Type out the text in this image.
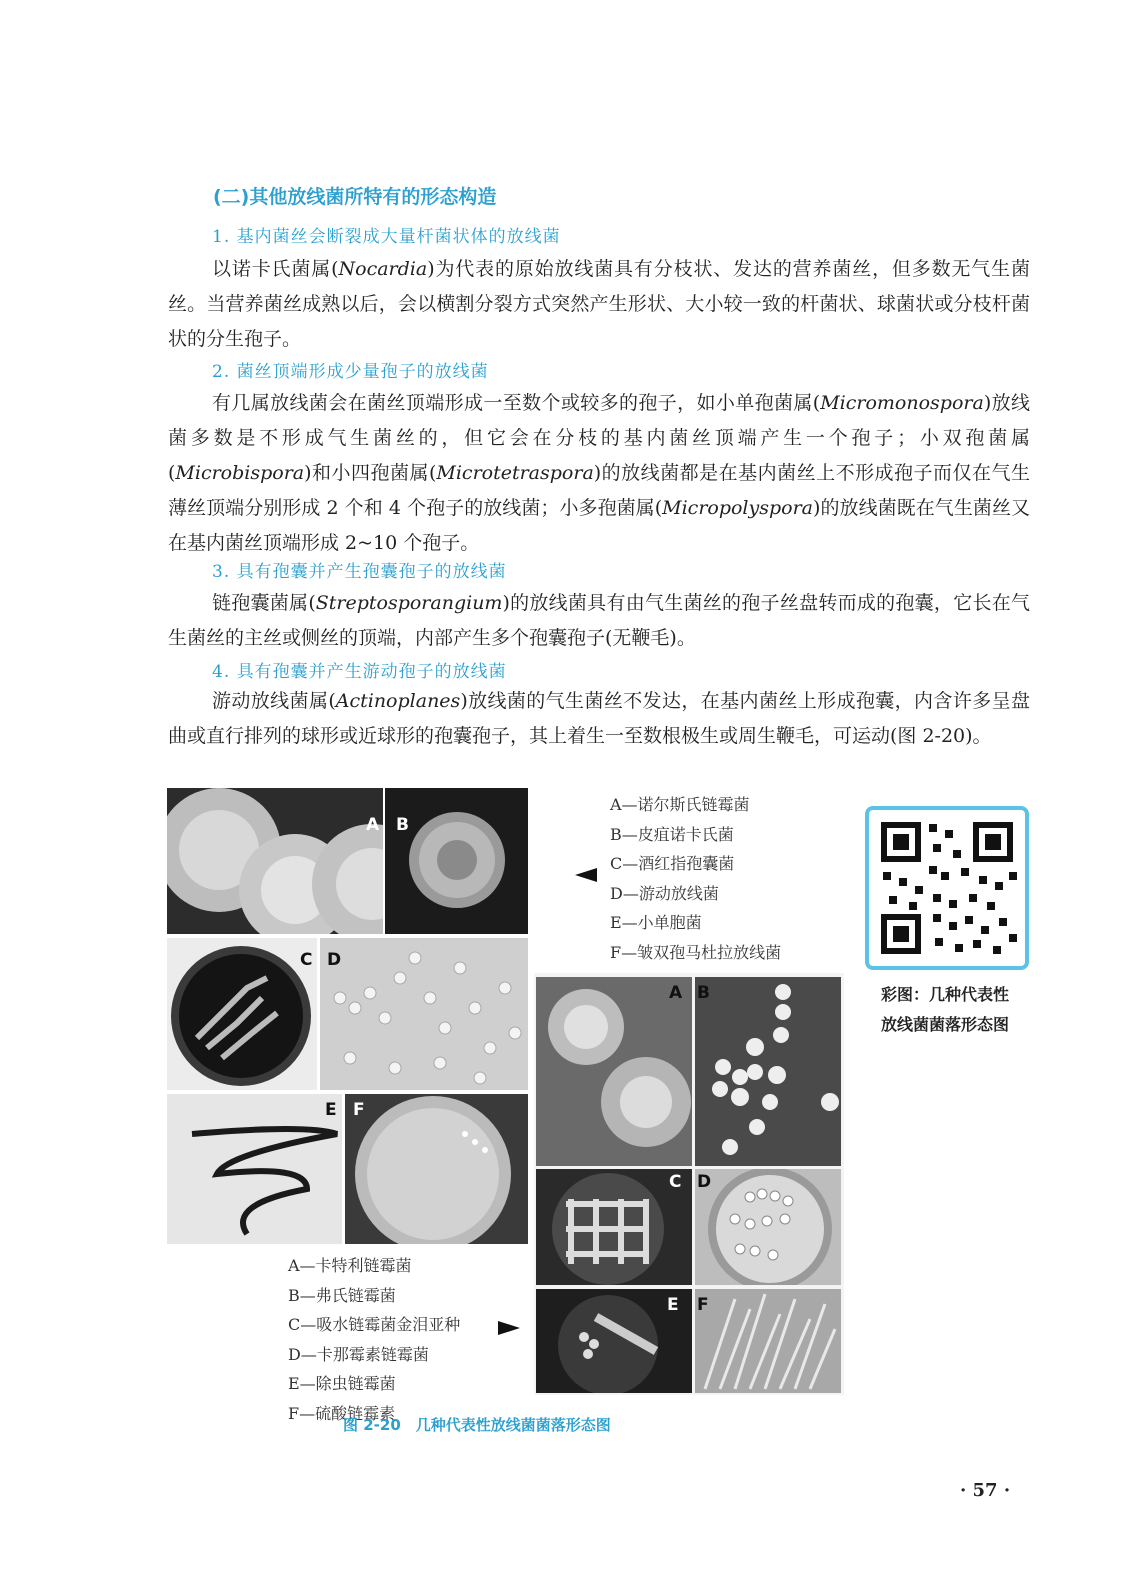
(二)其他放线菌所特有的形态构造
1. 基内菌丝会断裂成大量杆菌状体的放线菌

以诺卡氏菌属(Nocardia)为代表的原始放线菌具有分枝状、发达的营养菌丝，但多数无气生菌丝。当营养菌丝成熟以后，会以横割分裂方式突然产生形状、大小较一致的杆菌状、球菌状或分枝杆菌状的分生孢子。

2. 菌丝顶端形成少量孢子的放线菌

有几属放线菌会在菌丝顶端形成一至数个或较多的孢子，如小单孢菌属(Micromonospora)放线菌多数是不形成气生菌丝的，但它会在分枝的基内菌丝顶端产生一个孢子；小双孢菌属(Microbispora)和小四孢菌属(Microtetraspora)的放线菌都是在基内菌丝上不形成孢子而仅在气生薄丝顶端分别形成 2 个和 4 个孢子的放线菌；小多孢菌属(Micropolyspora)的放线菌既在气生菌丝又在基内菌丝顶端形成 2~10 个孢子。

3. 具有孢囊并产生孢囊孢子的放线菌

链孢囊菌属(Streptosporangium)的放线菌具有由气生菌丝的孢子丝盘转而成的孢囊，它长在气生菌丝的主丝或侧丝的顶端，内部产生多个孢囊孢子(无鞭毛)。

4. 具有孢囊并产生游动孢子的放线菌

游动放线菌属(Actinoplanes)放线菌的气生菌丝不发达，在基内菌丝上形成孢囊，内含许多呈盘曲或直行排列的球形或近球形的孢囊孢子，其上着生一至数根极生或周生鞭毛，可运动(图 2-20)。

A B
C D
E F
A—诺尔斯氏链霉菌
B—皮疽诺卡氏菌
C—酒红指孢囊菌
D—游动放线菌
E—小单胞菌
F—皱双孢马杜拉放线菌
A B
C D
E F
A—卡特利链霉菌
B—弗氏链霉菌
C—吸水链霉菌金泪亚种
D—卡那霉素链霉菌
E—除虫链霉菌
F—硫酸链霉素
图 2-20　几种代表性放线菌菌落形态图
彩图：几种代表性
放线菌菌落形态图
· 57 ·
